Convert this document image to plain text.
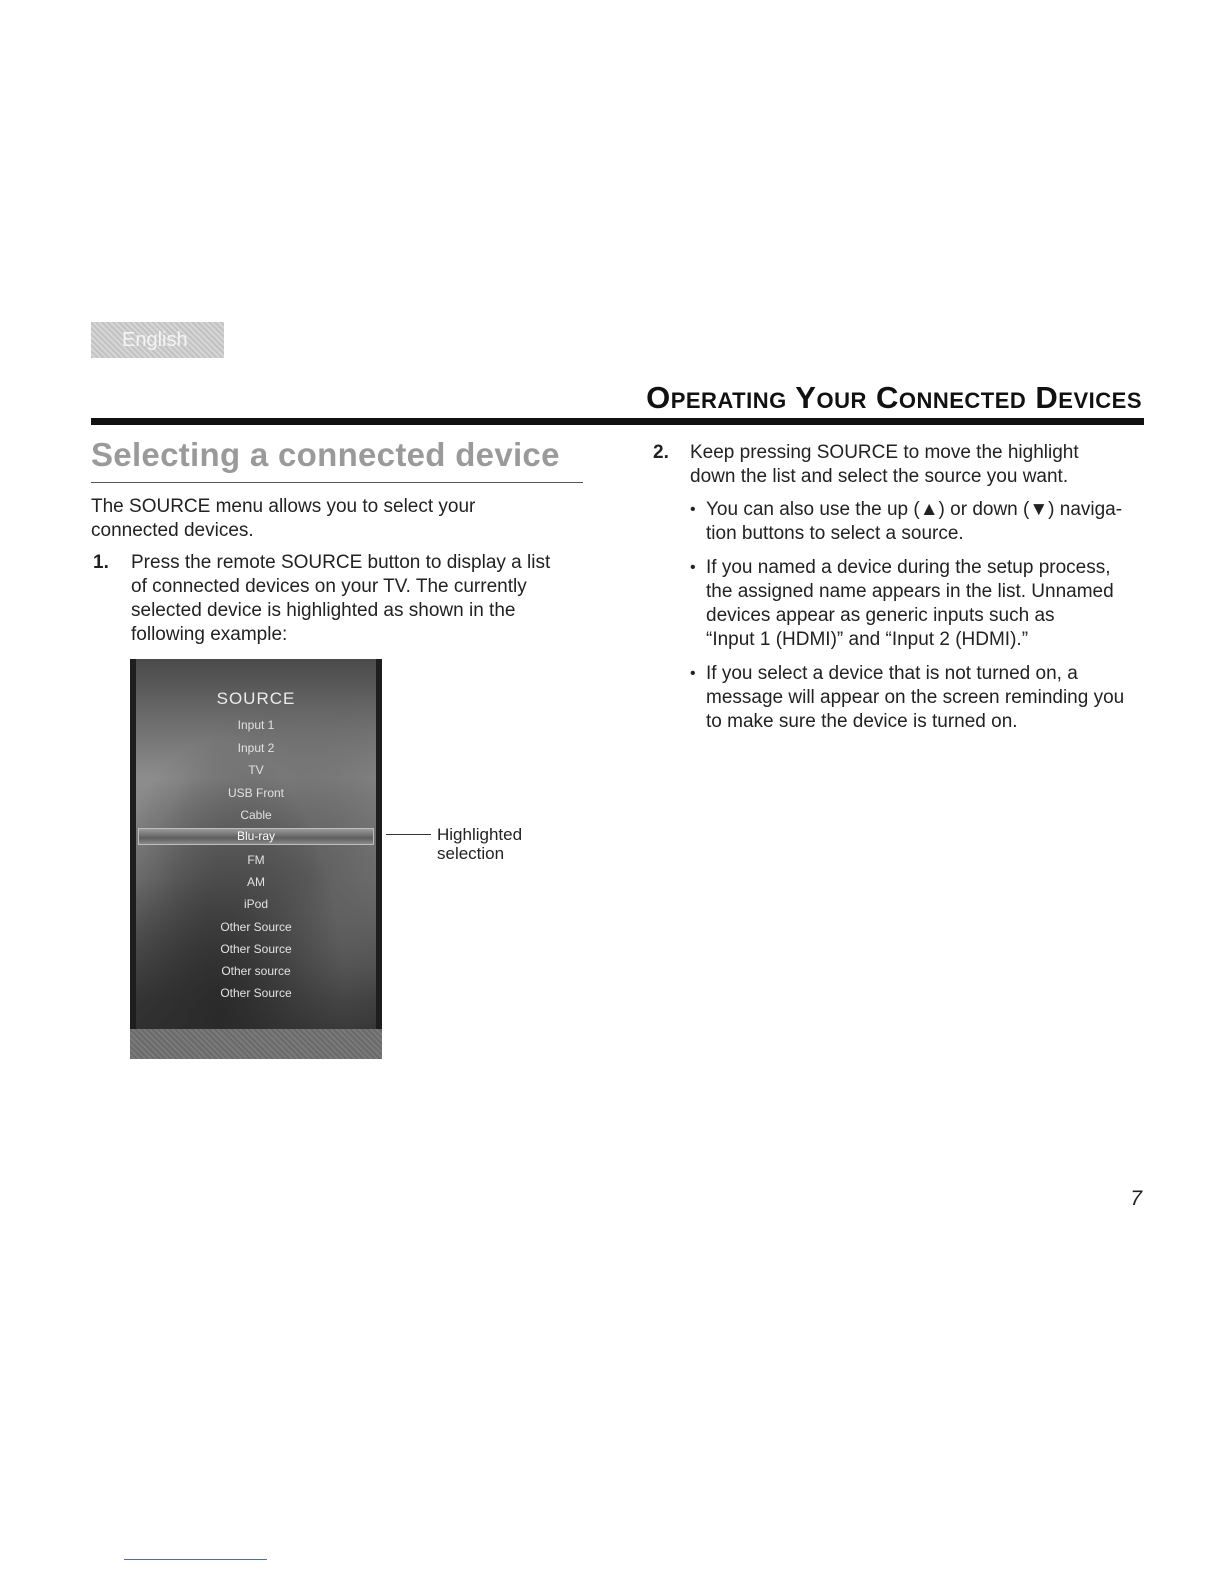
English
Operating Your Connected Devices
Selecting a connected device

The SOURCE menu allows you to select your

connected devices.

1. Press the remote SOURCE button to display a list

of connected devices on your TV. The currently

selected device is highlighted as shown in the

following example:

SOURCE
Input 1
Input 2
TV
USB Front
Cable
Blu-ray
FM
AM
iPod
Other Source
Other Source
Other source
Other Source
Highlighted
selection
2. Keep pressing SOURCE to move the highlight

down the list and select the source you want.

• You can also use the up (▲) or down (▼) naviga-

tion buttons to select a source.

• If you named a device during the setup process,

the assigned name appears in the list. Unnamed

devices appear as generic inputs such as

“Input 1 (HDMI)” and “Input 2 (HDMI).”

• If you select a device that is not turned on, a

message will appear on the screen reminding you

to make sure the device is turned on.

7
